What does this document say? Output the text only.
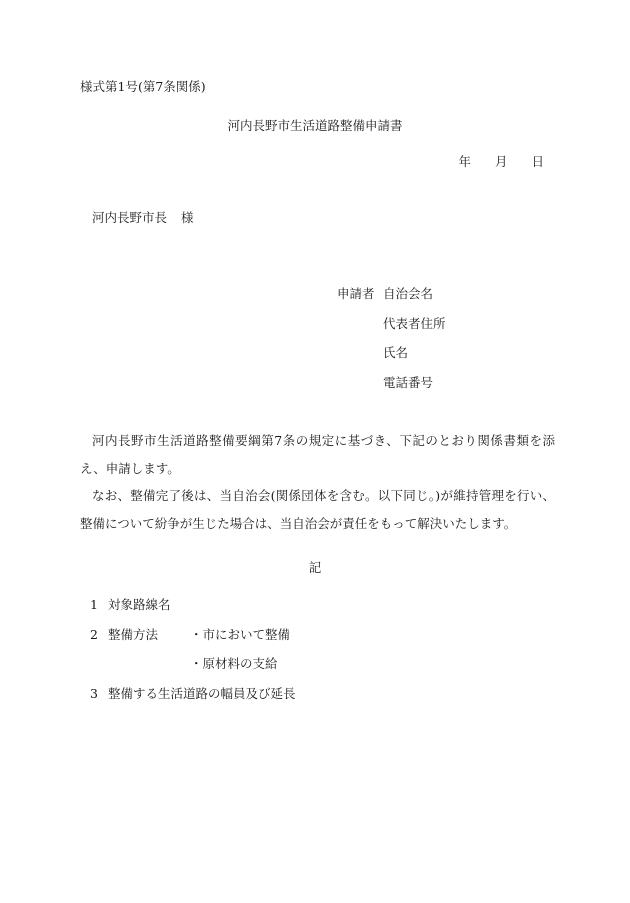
様式第1号(第7条関係)
河内長野市生活道路整備申請書
年 月 日
河内長野市長 様
申請者 自治会名
代表者住所
氏名
電話番号

河内長野市生活道路整備要綱第7条の規定に基づき、下記のとおり関係書類を添え、申請します。

なお、整備完了後は、当自治会(関係団体を含む。以下同じ。)が維持管理を行い、整備について紛争が生じた場合は、当自治会が責任をもって解決いたします。

記
1 対象路線名
2 整備方法	・市において整備
・原材料の支給
3 整備する生活道路の幅員及び延長
